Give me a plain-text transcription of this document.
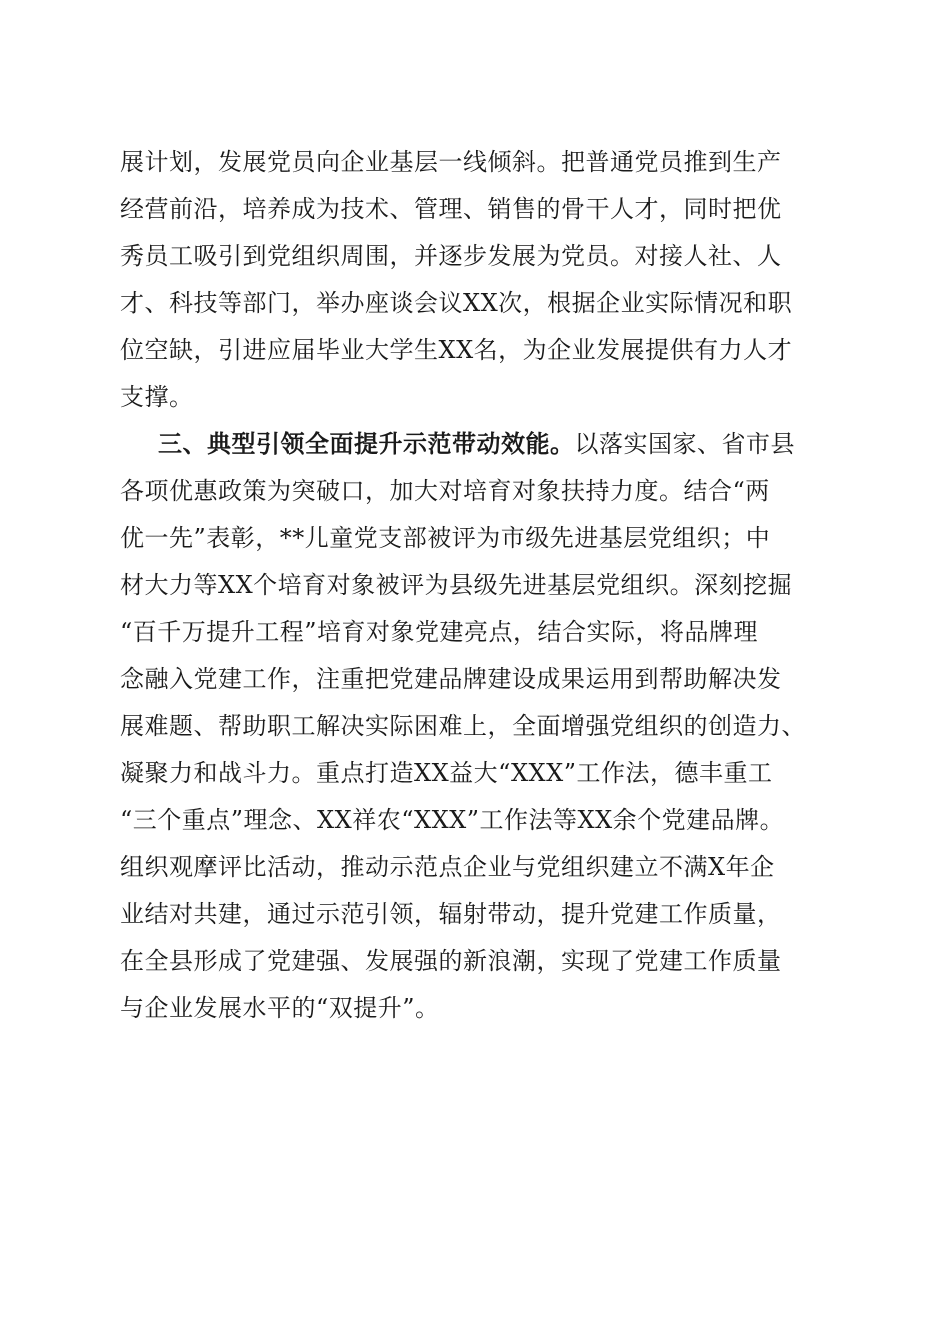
展计划，发展党员向企业基层一线倾斜。把普通党员推到生产
经营前沿，培养成为技术、管理、销售的骨干人才，同时把优
秀员工吸引到党组织周围，并逐步发展为党员。对接人社、人
才、科技等部门，举办座谈会议XX次，根据企业实际情况和职
位空缺，引进应届毕业大学生XX名，为企业发展提供有力人才
支撑。
三、典型引领全面提升示范带动效能。以落实国家、省市县
各项优惠政策为突破口，加大对培育对象扶持力度。结合“两
优一先”表彰，**儿童党支部被评为市级先进基层党组织；中
材大力等XX个培育对象被评为县级先进基层党组织。深刻挖掘
“百千万提升工程”培育对象党建亮点，结合实际，将品牌理
念融入党建工作，注重把党建品牌建设成果运用到帮助解决发
展难题、帮助职工解决实际困难上，全面增强党组织的创造力、
凝聚力和战斗力。重点打造XX益大“XXX”工作法，德丰重工
“三个重点”理念、XX祥农“XXX”工作法等XX余个党建品牌。
组织观摩评比活动，推动示范点企业与党组织建立不满X年企
业结对共建，通过示范引领，辐射带动，提升党建工作质量，
在全县形成了党建强、发展强的新浪潮，实现了党建工作质量
与企业发展水平的“双提升”。
